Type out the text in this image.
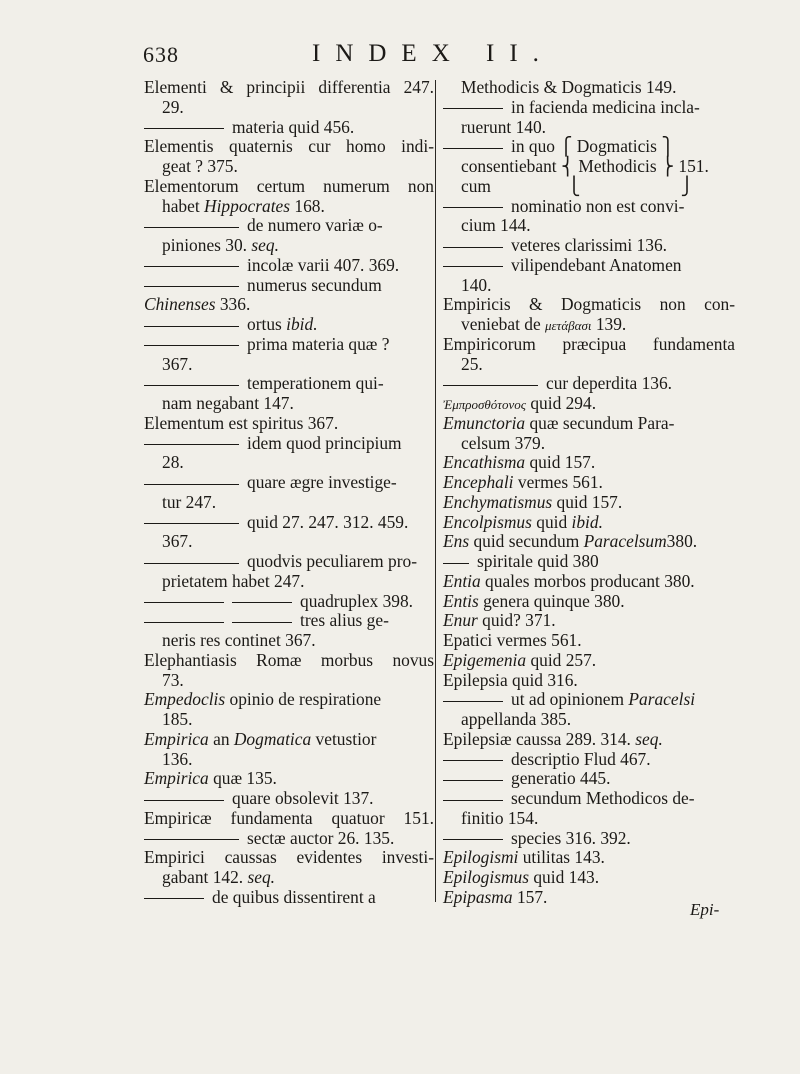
638	INDEX II.
Elementi & principii differentia 247.
29.
materia quid 456.
Elementis quaternis cur homo indi-
geat ? 375.
Elementorum certum numerum non
habet Hippocrates 168.
de numero variæ o-
piniones 30. seq.
incolæ varii 407. 369.
numerus secundum
Chinenses 336.
ortus ibid.
prima materia quæ ?
367.
temperationem qui-
nam negabant 147.
Elementum est spiritus 367.
idem quod principium
28.
quare ægre investige-
tur 247.
quid 27. 247. 312. 459.
367.
quodvis peculiarem pro-
prietatem habet 247.
quadruplex 398.
tres alius ge-
neris res continet 367.
Elephantiasis Romæ morbus novus
73.
Empedoclis opinio de respiratione
185.
Empirica an Dogmatica vetustior
136.
Empirica quæ 135.
quare obsolevit 137.
Empiricæ fundamenta quatuor 151.
sectæ auctor 26. 135.
Empirici caussas evidentes investi-
gabant 142. seq.
de quibus dissentirent a
Methodicis & Dogmaticis 149.
in facienda medicina incla-
ruerunt 140.
in quo ⎧ Dogmaticis ⎫
consentiebant ⎨ Methodicis ⎬ 151.
cum	⎩	⎭
nominatio non est convi-
cium 144.
veteres clarissimi 136.
vilipendebant Anatomen
140.
Empiricis & Dogmaticis non con-
veniebat de μετάβασι 139.
Empiricorum præcipua fundamenta
25.
cur deperdita 136.
Ἐμπροσθότονος quid 294.
Emunctoria quæ secundum Para-
celsum 379.
Encathisma quid 157.
Encephali vermes 561.
Enchymatismus quid 157.
Encolpismus quid ibid.
Ens quid secundum Paracelsum380.
spiritale quid 380
Entia quales morbos producant 380.
Entis genera quinque 380.
Enur quid? 371.
Epatici vermes 561.
Epigemenia quid 257.
Epilepsia quid 316.
ut ad opinionem Paracelsi
appellanda 385.
Epilepsiæ caussa 289. 314. seq.
descriptio Flud 467.
generatio 445.
secundum Methodicos de-
finitio 154.
species 316. 392.
Epilogismi utilitas 143.
Epilogismus quid 143.
Epipasma 157.
Epi-
